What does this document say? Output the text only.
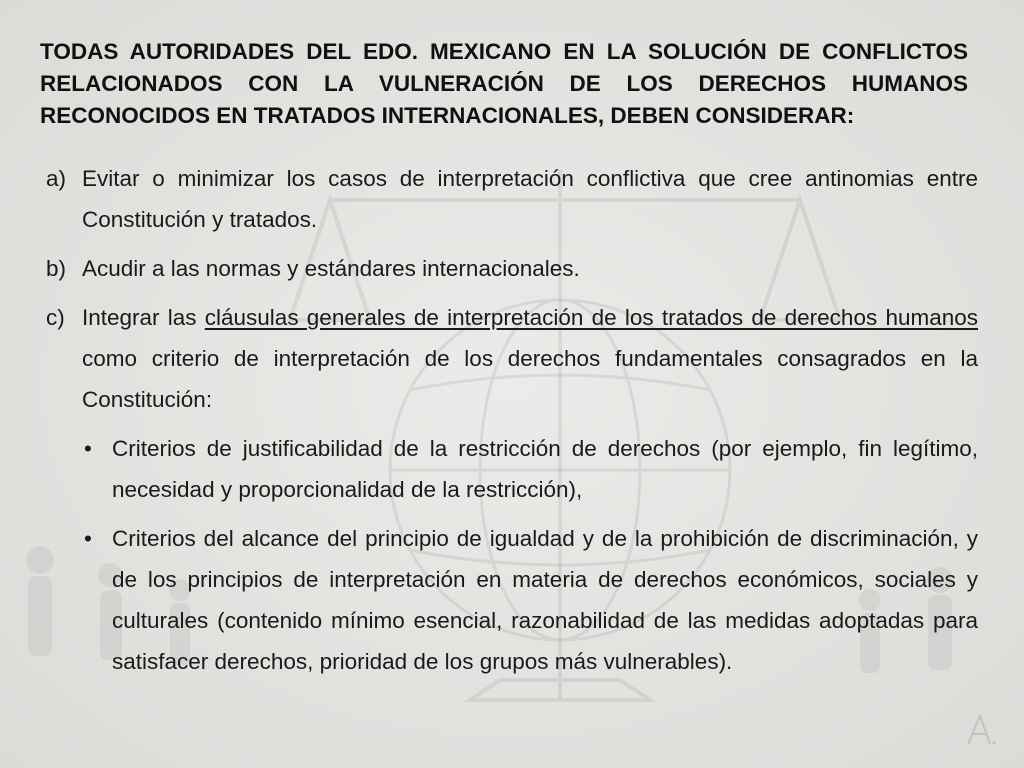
TODAS AUTORIDADES DEL EDO. MEXICANO EN LA SOLUCIÓN DE CONFLICTOS RELACIONADOS CON LA VULNERACIÓN DE LOS DERECHOS HUMANOS RECONOCIDOS EN TRATADOS INTERNACIONALES, DEBEN CONSIDERAR:
a) Evitar o minimizar los casos de interpretación conflictiva que cree antinomias entre Constitución y tratados.
b) Acudir a las normas y estándares internacionales.
c) Integrar las cláusulas generales de interpretación de los tratados de derechos humanos como criterio de interpretación de los derechos fundamentales consagrados en la Constitución:
• Criterios de justificabilidad de la restricción de derechos (por ejemplo, fin legítimo, necesidad y proporcionalidad de la restricción),
• Criterios del alcance del principio de igualdad y de la prohibición de discriminación, y de los principios de interpretación en materia de derechos económicos, sociales y culturales (contenido mínimo esencial, razonabilidad de las medidas adoptadas para satisfacer derechos, prioridad de los grupos más vulnerables).
